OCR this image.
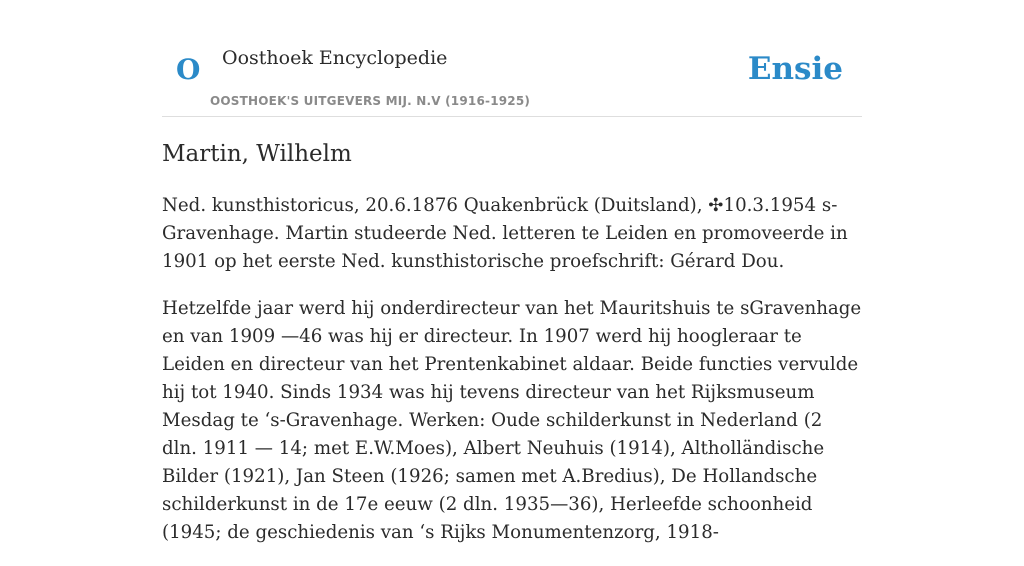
O Oosthoek Encyclopedie
OOSTHOEK'S UITGEVERS MIJ. N.V (1916-1925)
Ensie
Martin, Wilhelm

Ned. kunsthistoricus, 20.6.1876 Quakenbrück (Duitsland), ✣10.3.1954 s-Gravenhage. Martin studeerde Ned. letteren te Leiden en promoveerde in 1901 op het eerste Ned. kunsthistorische proefschrift: Gérard Dou.

Hetzelfde jaar werd hij onderdirecteur van het Mauritshuis te sGravenhage en van 1909 —46 was hij er directeur. In 1907 werd hij hoogleraar te Leiden en directeur van het Prentenkabinet aldaar. Beide functies vervulde hij tot 1940. Sinds 1934 was hij tevens directeur van het Rijksmuseum Mesdag te ‘s-Gravenhage. Werken: Oude schilderkunst in Nederland (2 dln. 1911 — 14; met E.W.Moes), Albert Neuhuis (1914), Altholländische Bilder (1921), Jan Steen (1926; samen met A.Bredius), De Hollandsche schilderkunst in de 17e eeuw (2 dln. 1935—36), Herleefde schoonheid (1945; de geschiedenis van ‘s Rijks Monumentenzorg, 1918-
